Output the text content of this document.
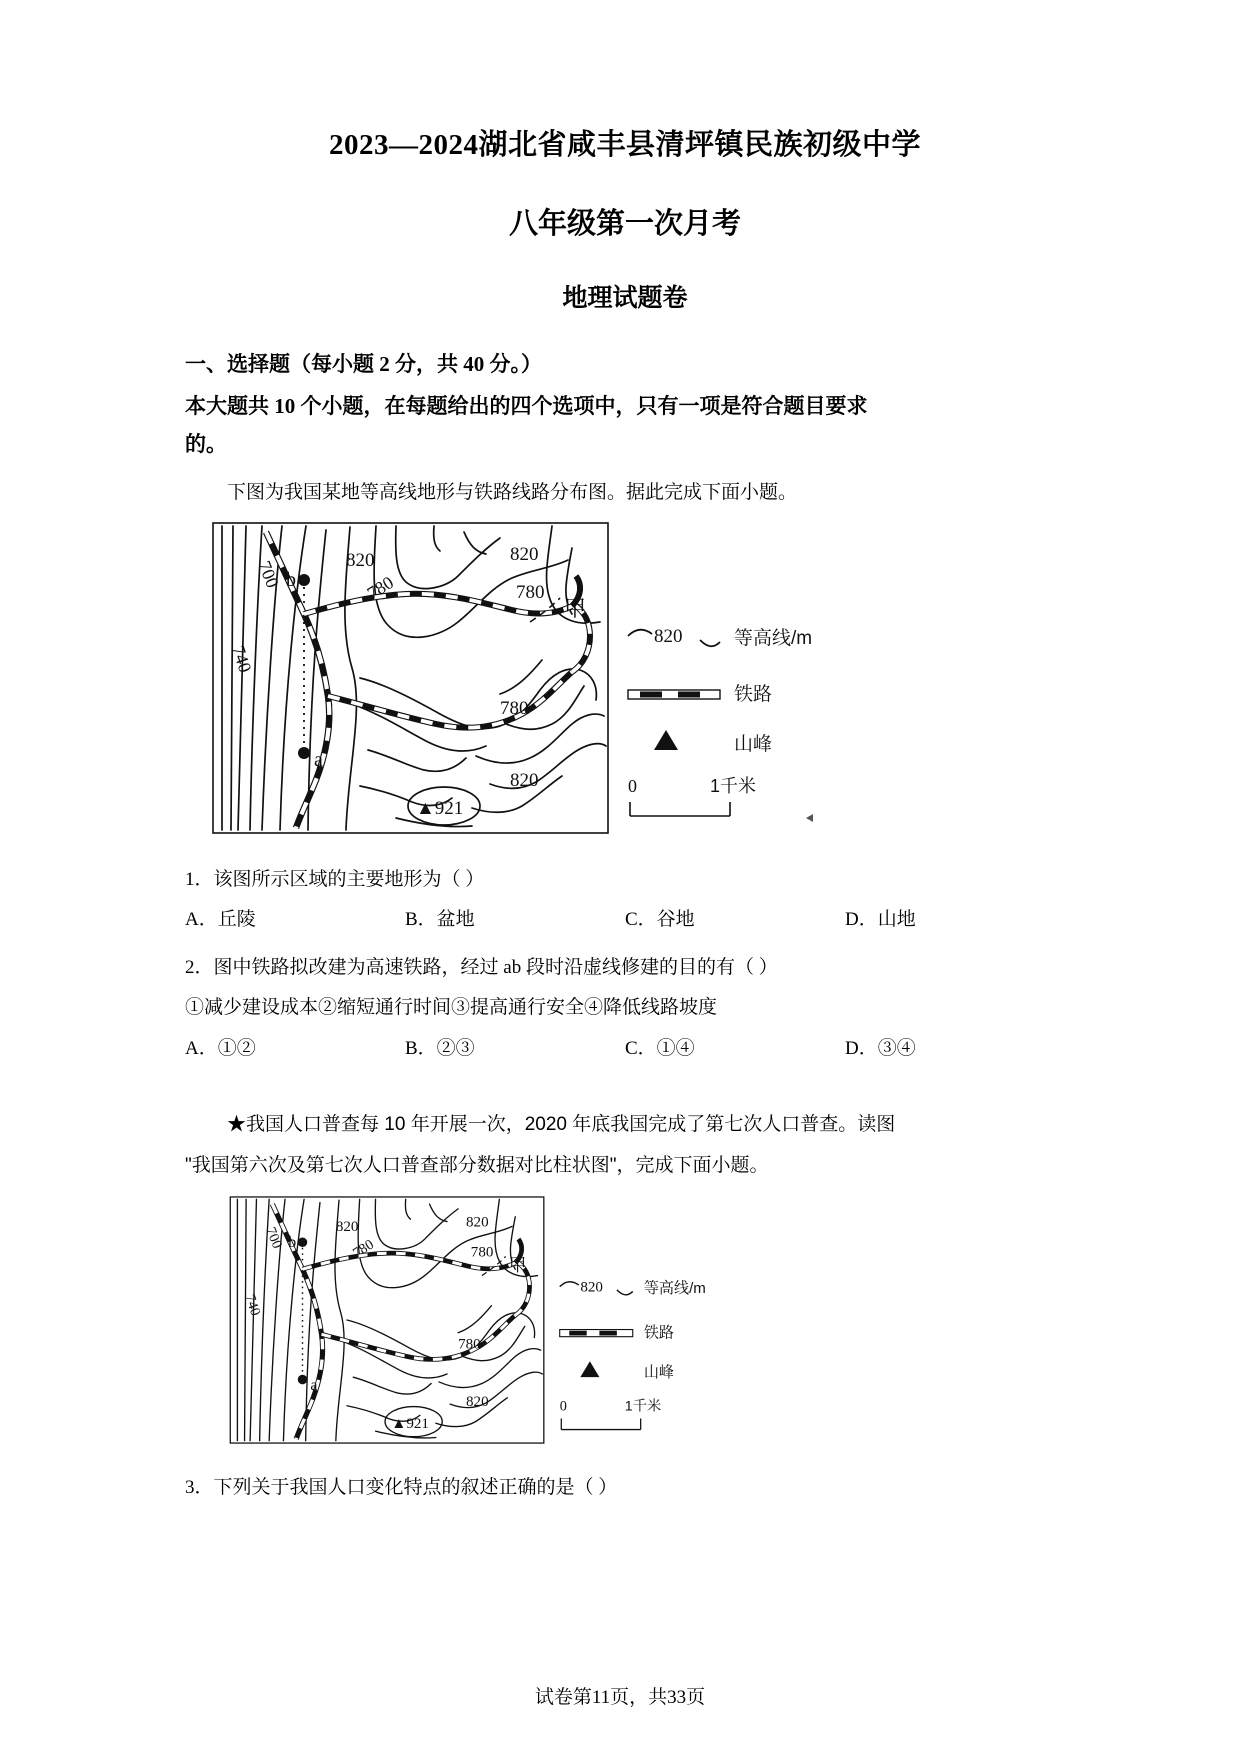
2023—2024湖北省咸丰县清坪镇民族初级中学
八年级第一次月考
地理试题卷

一、选择题（每小题 2 分，共 40 分。）

本大题共 10 个小题，在每题给出的四个选项中，只有一项是符合题目要求

的。

下图为我国某地等高线地形与铁路线路分布图。据此完成下面小题。

820	820
780	780
780
820
700
740
b
a
甲
▲921
820	等高线/m
铁路
山峰
0	1千米

1．该图所示区域的主要地形为（ ）

A．丘陵	B．盆地	C．谷地	D．山地

2．图中铁路拟改建为高速铁路，经过 ab 段时沿虚线修建的目的有（ ）

①减少建设成本②缩短通行时间③提高通行安全④降低线路坡度

A．①②	B．②③	C．①④	D．③④

★我国人口普查每 10 年开展一次，2020 年底我国完成了第七次人口普查。读图

"我国第六次及第七次人口普查部分数据对比柱状图"，完成下面小题。

820	820
780	780
780
820
700
740
b
a
甲
▲921
820 等高线/m
铁路
山峰
0	1千米

3．下列关于我国人口变化特点的叙述正确的是（ ）

试卷第11页，共33页
